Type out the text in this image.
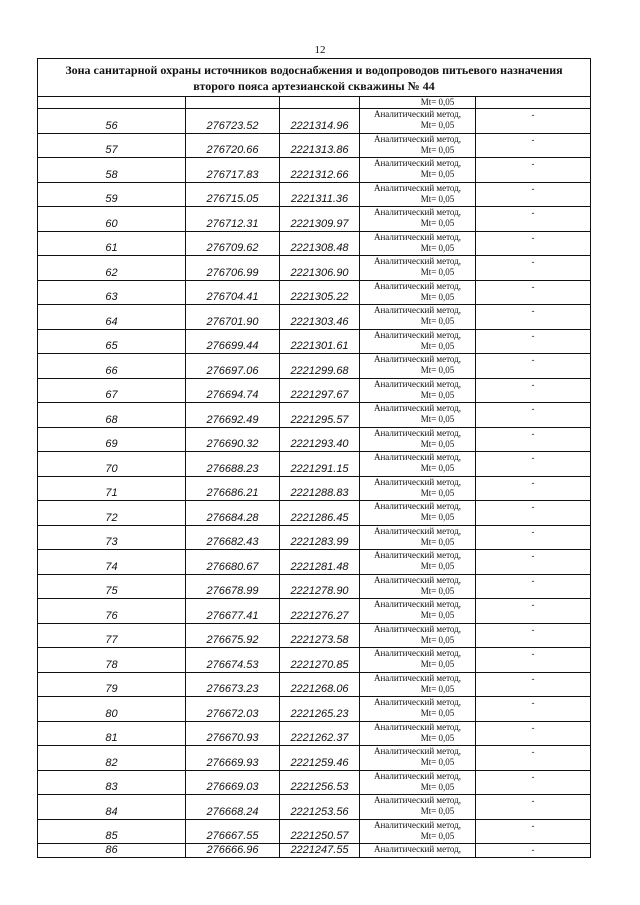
12
Зона санитарной охраны источников водоснабжения и водопроводов питьевого назначения
второго пояса артезианской скважины № 44				

			Mt= 0,05	

56	276723.52	2221314.96	Аналитический метод,
Mt= 0,05	-
57	276720.66	2221313.86	Аналитический метод,
Mt= 0,05	-
58	276717.83	2221312.66	Аналитический метод,
Mt= 0,05	-
59	276715.05	2221311.36	Аналитический метод,
Mt= 0,05	-
60	276712.31	2221309.97	Аналитический метод,
Mt= 0,05	-
61	276709.62	2221308.48	Аналитический метод,
Mt= 0,05	-
62	276706.99	2221306.90	Аналитический метод,
Mt= 0,05	-
63	276704.41	2221305.22	Аналитический метод,
Mt= 0,05	-
64	276701.90	2221303.46	Аналитический метод,
Mt= 0,05	-
65	276699.44	2221301.61	Аналитический метод,
Mt= 0,05	-
66	276697.06	2221299.68	Аналитический метод,
Mt= 0,05	-
67	276694.74	2221297.67	Аналитический метод,
Mt= 0,05	-
68	276692.49	2221295.57	Аналитический метод,
Mt= 0,05	-
69	276690.32	2221293.40	Аналитический метод,
Mt= 0,05	-
70	276688.23	2221291.15	Аналитический метод,
Mt= 0,05	-
71	276686.21	2221288.83	Аналитический метод,
Mt= 0,05	-
72	276684.28	2221286.45	Аналитический метод,
Mt= 0,05	-
73	276682.43	2221283.99	Аналитический метод,
Mt= 0,05	-
74	276680.67	2221281.48	Аналитический метод,
Mt= 0,05	-
75	276678.99	2221278.90	Аналитический метод,
Mt= 0,05	-
76	276677.41	2221276.27	Аналитический метод,
Mt= 0,05	-
77	276675.92	2221273.58	Аналитический метод,
Mt= 0,05	-
78	276674.53	2221270.85	Аналитический метод,
Mt= 0,05	-
79	276673.23	2221268.06	Аналитический метод,
Mt= 0,05	-
80	276672.03	2221265.23	Аналитический метод,
Mt= 0,05	-
81	276670.93	2221262.37	Аналитический метод,
Mt= 0,05	-
82	276669.93	2221259.46	Аналитический метод,
Mt= 0,05	-
83	276669.03	2221256.53	Аналитический метод,
Mt= 0,05	-
84	276668.24	2221253.56	Аналитический метод,
Mt= 0,05	-
85	276667.55	2221250.57	Аналитический метод,
Mt= 0,05	-
86	276666.96	2221247.55	Аналитический метод,	-
